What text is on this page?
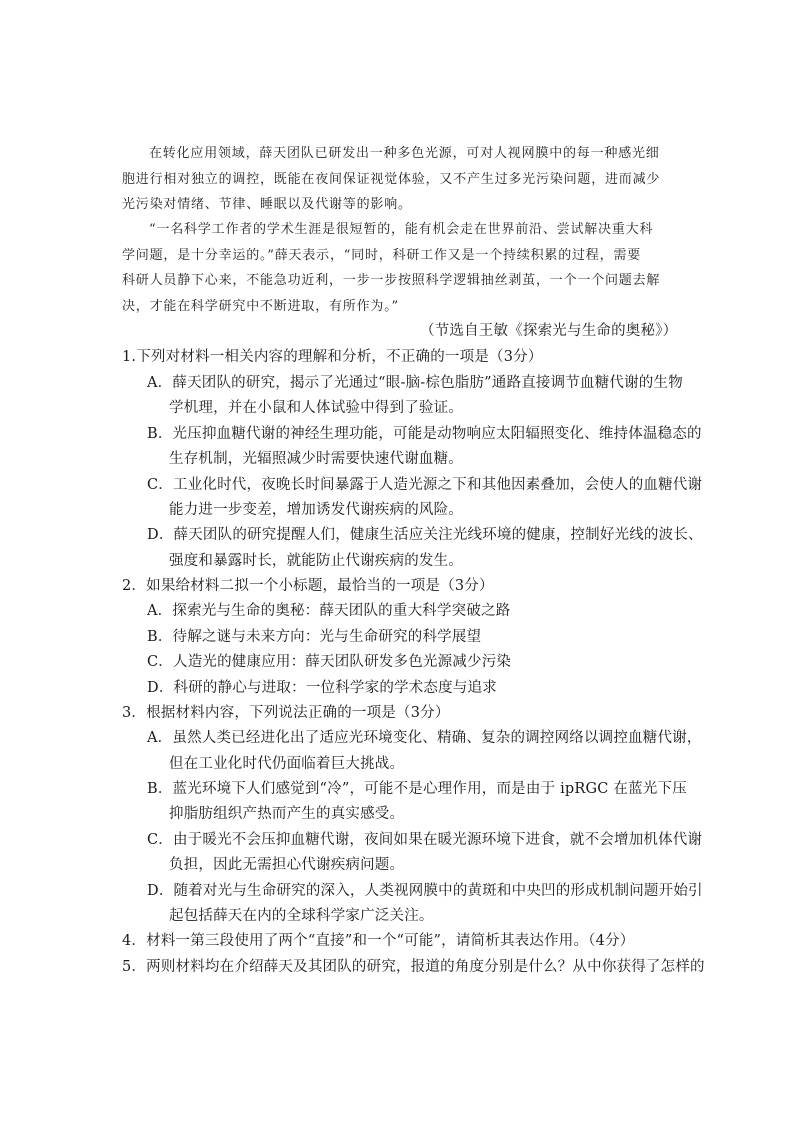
在转化应用领域，薛天团队已研发出一种多色光源，可对人视网膜中的每一种感光细
胞进行相对独立的调控，既能在夜间保证视觉体验，又不产生过多光污染问题，进而减少
光污染对情绪、节律、睡眠以及代谢等的影响。
“一名科学工作者的学术生涯是很短暂的，能有机会走在世界前沿、尝试解决重大科
学问题，是十分幸运的。”薛天表示，“同时，科研工作又是一个持续积累的过程，需要
科研人员静下心来，不能急功近利，一步一步按照科学逻辑抽丝剥茧，一个一个问题去解
决，才能在科学研究中不断进取，有所作为。”
（节选自王敏《探索光与生命的奥秘》）
1.下列对材料一相关内容的理解和分析，不正确的一项是（3分）
A．薛天团队的研究，揭示了光通过“眼-脑-棕色脂肪”通路直接调节血糖代谢的生物
学机理，并在小鼠和人体试验中得到了验证。
B．光压抑血糖代谢的神经生理功能，可能是动物响应太阳辐照变化、维持体温稳态的
生存机制，光辐照减少时需要快速代谢血糖。
C．工业化时代，夜晚长时间暴露于人造光源之下和其他因素叠加，会使人的血糖代谢
能力进一步变差，增加诱发代谢疾病的风险。
D．薛天团队的研究提醒人们，健康生活应关注光线环境的健康，控制好光线的波长、
强度和暴露时长，就能防止代谢疾病的发生。
2．如果给材料二拟一个小标题，最恰当的一项是（3分）
A．探索光与生命的奥秘：薛天团队的重大科学突破之路
B．待解之谜与未来方向：光与生命研究的科学展望
C．人造光的健康应用：薛天团队研发多色光源减少污染
D．科研的静心与进取：一位科学家的学术态度与追求
3．根据材料内容，下列说法正确的一项是（3分）
A．虽然人类已经进化出了适应光环境变化、精确、复杂的调控网络以调控血糖代谢，
但在工业化时代仍面临着巨大挑战。
B．蓝光环境下人们感觉到“冷”，可能不是心理作用，而是由于 ipRGC 在蓝光下压
抑脂肪组织产热而产生的真实感受。
C．由于暖光不会压抑血糖代谢，夜间如果在暖光源环境下进食，就不会增加机体代谢
负担，因此无需担心代谢疾病问题。
D．随着对光与生命研究的深入，人类视网膜中的黄斑和中央凹的形成机制问题开始引
起包括薛天在内的全球科学家广泛关注。
4．材料一第三段使用了两个“直接”和一个“可能”，请简析其表达作用。（4分）
5．两则材料均在介绍薛天及其团队的研究，报道的角度分别是什么？从中你获得了怎样的
